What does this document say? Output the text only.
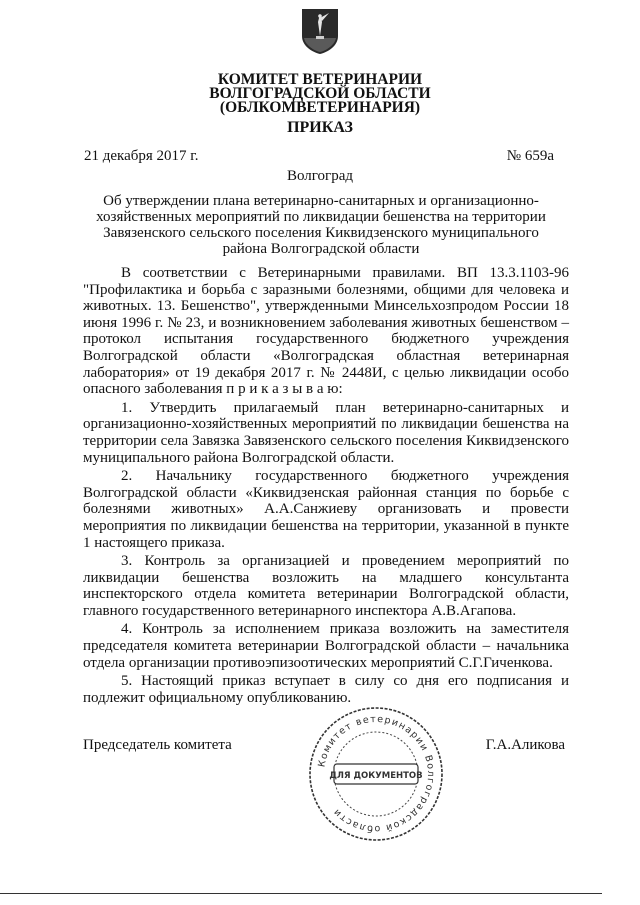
КОМИТЕТ ВЕТЕРИНАРИИ
ВОЛГОГРАДСКОЙ ОБЛАСТИ
(ОБЛКОМВЕТЕРИНАРИЯ)
ПРИКАЗ
21 декабря 2017 г.	№ 659а
Волгоград
Об утверждении плана ветеринарно-санитарных и организационно-хозяйственных мероприятий по ликвидации бешенства на территории Завязенского сельского поселения Киквидзенского муниципального района Волгоградской области

В соответствии с Ветеринарными правилами. ВП 13.3.1103-96 "Профилактика и борьба с заразными болезнями, общими для человека и животных. 13. Бешенство", утвержденными Минсельхозпродом России 18 июня 1996 г. № 23, и возникновением заболевания животных бешенством – протокол испытания государственного бюджетного учреждения Волгоградской области «Волгоградская областная ветеринарная лаборатория» от 19 декабря 2017 г. № 2448И, с целью ликвидации особо опасного заболевания п р и к а з ы в а ю:

1. Утвердить прилагаемый план ветеринарно-санитарных и организационно-хозяйственных мероприятий по ликвидации бешенства на территории села Завязка Завязенского сельского поселения Киквидзенского муниципального района Волгоградской области.

2. Начальнику государственного бюджетного учреждения Волгоградской области «Киквидзенская районная станция по борьбе с болезнями животных» А.А.Санжиеву организовать и провести мероприятия по ликвидации бешенства на территории, указанной в пункте 1 настоящего приказа.

3. Контроль за организацией и проведением мероприятий по ликвидации бешенства возложить на младшего консультанта инспекторского отдела комитета ветеринарии Волгоградской области, главного государственного ветеринарного инспектора А.В.Агапова.

4. Контроль за исполнением приказа возложить на заместителя председателя комитета ветеринарии Волгоградской области – начальника отдела организации противоэпизоотических мероприятий С.Г.Гиченкова.

5. Настоящий приказ вступает в силу со дня его подписания и подлежит официальному опубликованию.

Председатель комитета	Г.А.Аликова
Комитет ветеринарии Волгоградской области
ДЛЯ ДОКУМЕНТОВ
